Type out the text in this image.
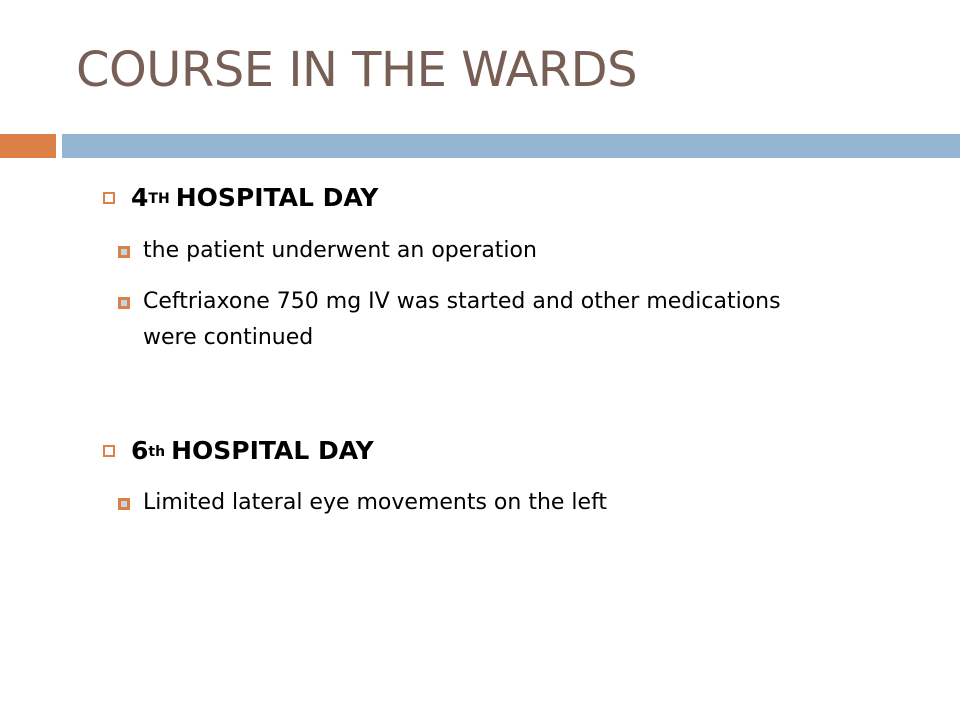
COURSE IN THE WARDS
4TH HOSPITAL DAY
the patient underwent an operation
Ceftriaxone 750 mg IV was started and other medications were continued
6th HOSPITAL DAY
Limited lateral eye movements on the left
